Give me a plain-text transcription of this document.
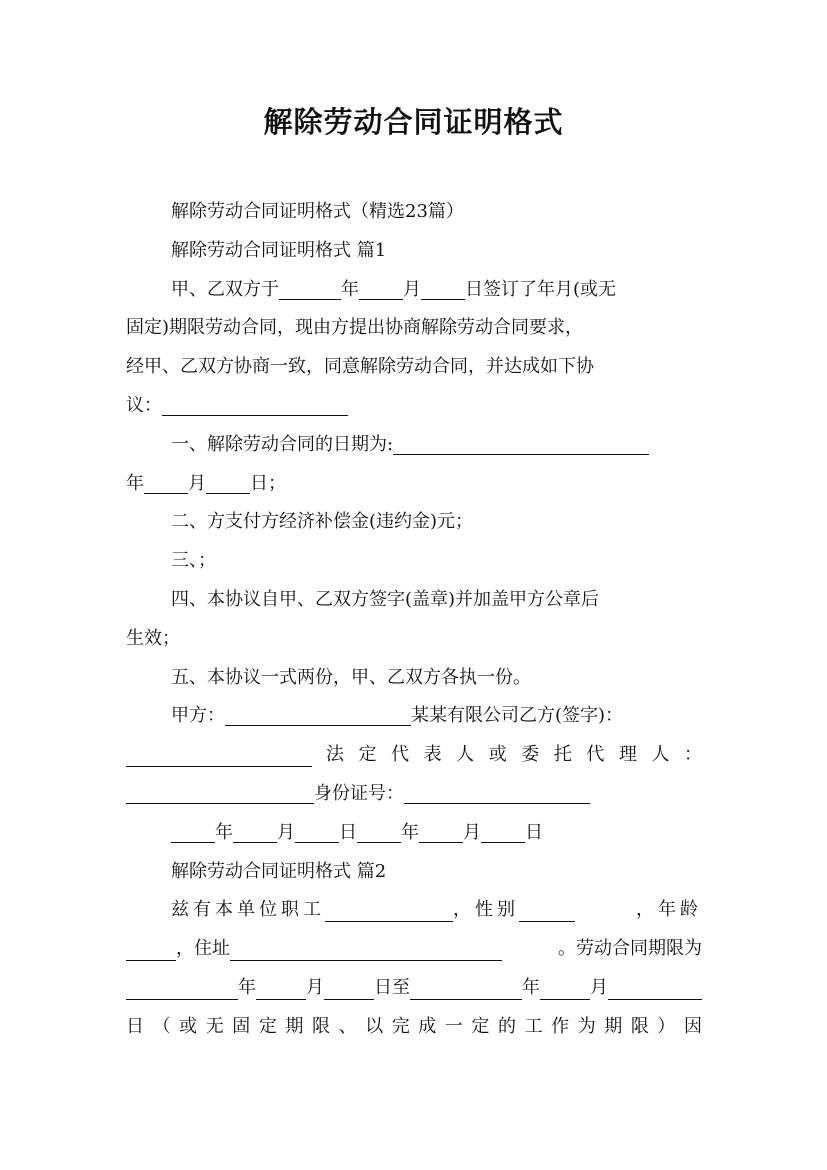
解除劳动合同证明格式
解除劳动合同证明格式（精选23篇）
解除劳动合同证明格式 篇1
甲、乙双方于	年 月 日签订了年月(或无
固定)期限劳动合同，现由方提出协商解除劳动合同要求，
经甲、乙双方协商一致，同意解除劳动合同，并达成如下协
议：
一、解除劳动合同的日期为:
年 月 日；
二、方支付方经济补偿金(违约金)元；
三、；
四、本协议自甲、乙双方签字(盖章)并加盖甲方公章后
生效；
五、本协议一式两份，甲、乙双方各执一份。
甲方：	某某有限公司乙方(签字)：
法定代表人或委托代理人：
身份证号：
年 月 日 年 月 日
解除劳动合同证明格式 篇2
兹有本单位职工	，性别	，年龄
，住址	。劳动合同期限为
年	月	日至	年	月
日（或无固定期限、以完成一定的工作为期限）因
